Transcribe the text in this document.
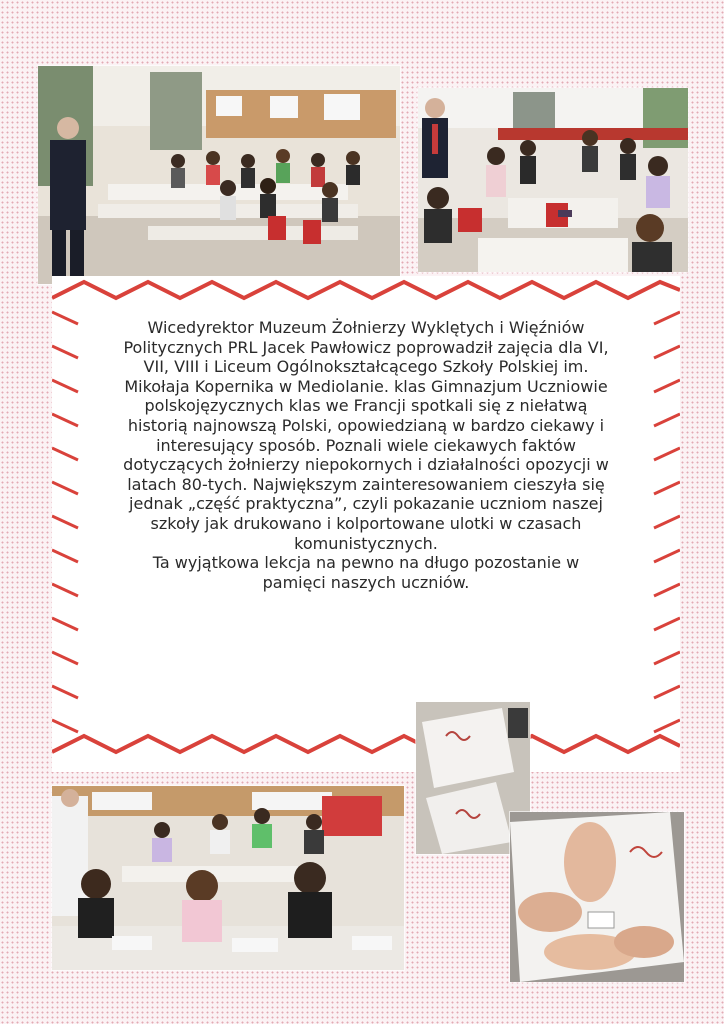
Wicedyrektor Muzeum Żołnierzy Wyklętych i Więźniów Politycznych PRL Jacek Pawłowicz poprowadził zajęcia dla VI, VII, VIII i Liceum Ogólnokształcącego Szkoły Polskiej im. Mikołaja Kopernika w Mediolanie. klas Gimnazjum Uczniowie polskojęzycznych klas we Francji spotkali się z niełatwą historią najnowszą Polski, opowiedzianą w bardzo ciekawy i interesujący sposób. Poznali wiele ciekawych faktów dotyczących żołnierzy niepokornych i działalności opozycji w latach 80-tych. Największym zainteresowaniem cieszyła się jednak „część praktyczna”, czyli pokazanie uczniom naszej szkoły jak drukowano i kolportowane ulotki w czasach komunistycznych.

Ta wyjątkowa lekcja na pewno na długo pozostanie w pamięci naszych uczniów.
